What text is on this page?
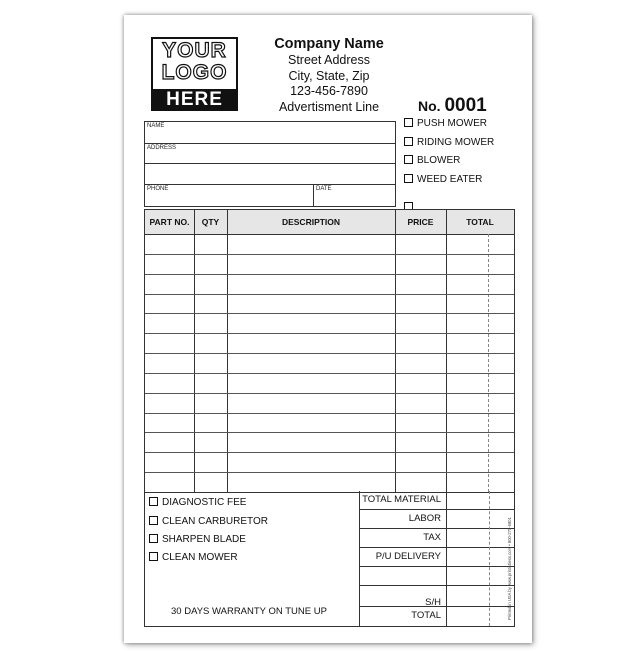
YOUR
LOGO
HERE
Company Name
Street Address
City, State, Zip
123-456-7890
Advertisment Line	No. 0001
NAME
ADDRESS
PHONE	DATE
PUSH MOWER
RIDING MOWER
BLOWER
WEED EATER
PART NO.	QTY	DESCRIPTION	PRICE	TOTAL
DIAGNOSTIC FEE
CLEAN CARBURETOR
SHARPEN BLADE
CLEAN MOWER
30 DAYS WARRANTY ON TUNE UP
TOTAL MATERIAL
LABOR
TAX
P/U DELIVERY
S/H
TOTAL	Printed in USA by www.printit4less.com • 800-270-6801
